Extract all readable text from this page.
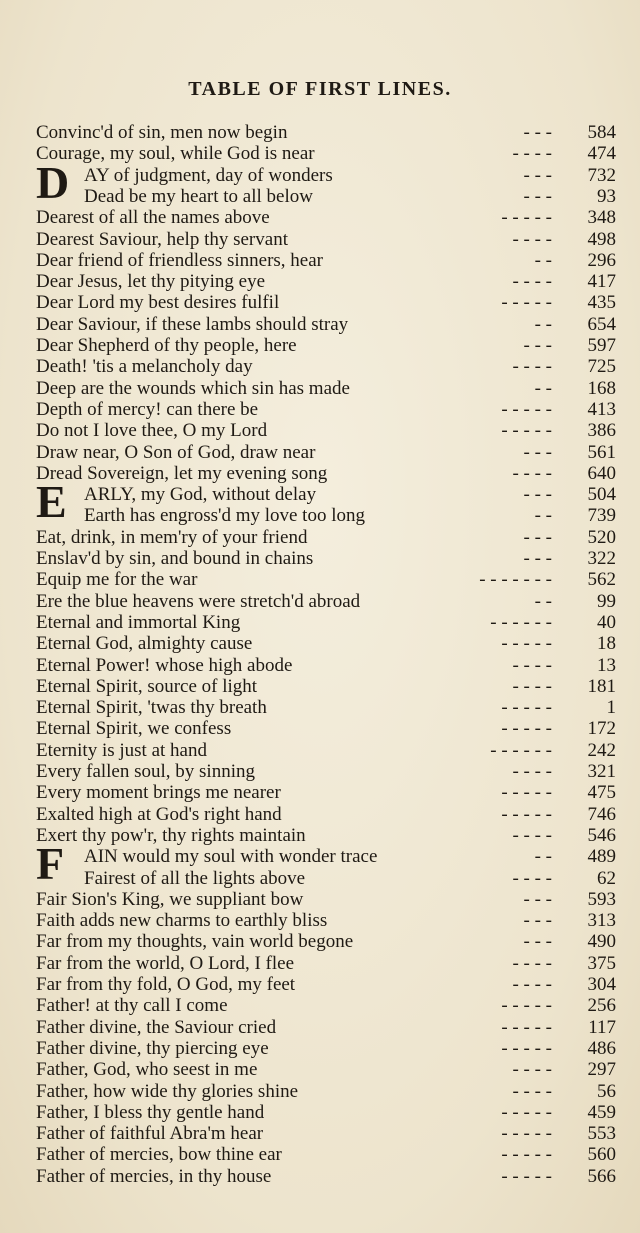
TABLE OF FIRST LINES.
Convinc'd of sin, men now begin	- - -	584
Courage, my soul, while God is near	- - - -	474
AY of judgment, day of wonders	- - -	732
Dead be my heart to all below	- - -	93
Dearest of all the names above	- - - - -	348
Dearest Saviour, help thy servant	- - - -	498
Dear friend of friendless sinners, hear	- -	296
Dear Jesus, let thy pitying eye	- - - -	417
Dear Lord my best desires fulfil	- - - - -	435
Dear Saviour, if these lambs should stray	- -	654
Dear Shepherd of thy people, here	- - -	597
Death! 'tis a melancholy day	- - - -	725
Deep are the wounds which sin has made	- -	168
Depth of mercy! can there be	- - - - -	413
Do not I love thee, O my Lord	- - - - -	386
Draw near, O Son of God, draw near	- - -	561
Dread Sovereign, let my evening song	- - - -	640
ARLY, my God, without delay	- - -	504
Earth has engross'd my love too long	- -	739
Eat, drink, in mem'ry of your friend	- - -	520
Enslav'd by sin, and bound in chains	- - -	322
Equip me for the war	- - - - - - -	562
Ere the blue heavens were stretch'd abroad	- -	99
Eternal and immortal King	- - - - - -	40
Eternal God, almighty cause	- - - - -	18
Eternal Power! whose high abode	- - - -	13
Eternal Spirit, source of light	- - - -	181
Eternal Spirit, 'twas thy breath	- - - - -	1
Eternal Spirit, we confess	- - - - -	172
Eternity is just at hand	- - - - - -	242
Every fallen soul, by sinning	- - - -	321
Every moment brings me nearer	- - - - -	475
Exalted high at God's right hand	- - - - -	746
Exert thy pow'r, thy rights maintain	- - - -	546
AIN would my soul with wonder trace	- -	489
Fairest of all the lights above	- - - -	62
Fair Sion's King, we suppliant bow	- - -	593
Faith adds new charms to earthly bliss	- - -	313
Far from my thoughts, vain world begone	- - -	490
Far from the world, O Lord, I flee	- - - -	375
Far from thy fold, O God, my feet	- - - -	304
Father! at thy call I come	- - - - -	256
Father divine, the Saviour cried	- - - - -	117
Father divine, thy piercing eye	- - - - -	486
Father, God, who seest in me	- - - -	297
Father, how wide thy glories shine	- - - -	56
Father, I bless thy gentle hand	- - - - -	459
Father of faithful Abra'm hear	- - - - -	553
Father of mercies, bow thine ear	- - - - -	560
Father of mercies, in thy house	- - - - -	566
D
E
F
